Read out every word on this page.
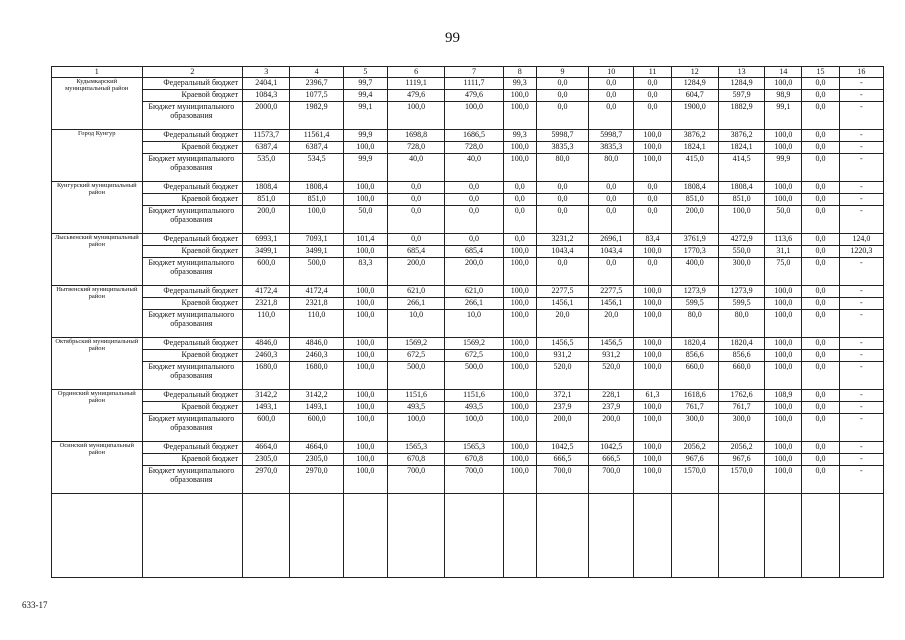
99
1	2	3	4	5	6	7	8	9	10	11	12	13	14	15	16
Кудымкарский муниципальный район	Федеральный бюджет	2404,1	2396,7	99,7	1119,1	1111,7	99,3	0,0	0,0	0,0	1284,9	1284,9	100,0	0,0	-
	Краевой бюджет	1084,3	1077,5	99,4	479,6	479,6	100,0	0,0	0,0	0,0	604,7	597,9	98,9	0,0	-
	Бюджет муниципального образования	2000,0	1982,9	99,1	100,0	100,0	100,0	0,0	0,0	0,0	1900,0	1882,9	99,1	0,0	-
Город Кунгур	Федеральный бюджет	11573,7	11561,4	99,9	1698,8	1686,5	99,3	5998,7	5998,7	100,0	3876,2	3876,2	100,0	0,0	-
	Краевой бюджет	6387,4	6387,4	100,0	728,0	728,0	100,0	3835,3	3835,3	100,0	1824,1	1824,1	100,0	0,0	-
	Бюджет муниципального образования	535,0	534,5	99,9	40,0	40,0	100,0	80,0	80,0	100,0	415,0	414,5	99,9	0,0	-
Кунгурский муниципальный район	Федеральный бюджет	1808,4	1808,4	100,0	0,0	0,0	0,0	0,0	0,0	0,0	1808,4	1808,4	100,0	0,0	-
	Краевой бюджет	851,0	851,0	100,0	0,0	0,0	0,0	0,0	0,0	0,0	851,0	851,0	100,0	0,0	-
	Бюджет муниципального образования	200,0	100,0	50,0	0,0	0,0	0,0	0,0	0,0	0,0	200,0	100,0	50,0	0,0	-
Лысьвенский муниципальный район	Федеральный бюджет	6993,1	7093,1	101,4	0,0	0,0	0,0	3231,2	2696,1	83,4	3761,9	4272,9	113,6	0,0	124,0
	Краевой бюджет	3499,1	3499,1	100,0	685,4	685,4	100,0	1043,4	1043,4	100,0	1770,3	550,0	31,1	0,0	1220,3
	Бюджет муниципального образования	600,0	500,0	83,3	200,0	200,0	100,0	0,0	0,0	0,0	400,0	300,0	75,0	0,0	-
Нытвенский муниципальный район	Федеральный бюджет	4172,4	4172,4	100,0	621,0	621,0	100,0	2277,5	2277,5	100,0	1273,9	1273,9	100,0	0,0	-
	Краевой бюджет	2321,8	2321,8	100,0	266,1	266,1	100,0	1456,1	1456,1	100,0	599,5	599,5	100,0	0,0	-
	Бюджет муниципального образования	110,0	110,0	100,0	10,0	10,0	100,0	20,0	20,0	100,0	80,0	80,0	100,0	0,0	-
Октябрьский муниципальный район	Федеральный бюджет	4846,0	4846,0	100,0	1569,2	1569,2	100,0	1456,5	1456,5	100,0	1820,4	1820,4	100,0	0,0	-
	Краевой бюджет	2460,3	2460,3	100,0	672,5	672,5	100,0	931,2	931,2	100,0	856,6	856,6	100,0	0,0	-
	Бюджет муниципального образования	1680,0	1680,0	100,0	500,0	500,0	100,0	520,0	520,0	100,0	660,0	660,0	100,0	0,0	-
Ординский муниципальный район	Федеральный бюджет	3142,2	3142,2	100,0	1151,6	1151,6	100,0	372,1	228,1	61,3	1618,6	1762,6	108,9	0,0	-
	Краевой бюджет	1493,1	1493,1	100,0	493,5	493,5	100,0	237,9	237,9	100,0	761,7	761,7	100,0	0,0	-
	Бюджет муниципального образования	600,0	600,0	100,0	100,0	100,0	100,0	200,0	200,0	100,0	300,0	300,0	100,0	0,0	-
Осинский муниципальный район	Федеральный бюджет	4664,0	4664,0	100,0	1565,3	1565,3	100,0	1042,5	1042,5	100,0	2056,2	2056,2	100,0	0,0	-
	Краевой бюджет	2305,0	2305,0	100,0	670,8	670,8	100,0	666,5	666,5	100,0	967,6	967,6	100,0	0,0	-
	Бюджет муниципального образования	2970,0	2970,0	100,0	700,0	700,0	100,0	700,0	700,0	100,0	1570,0	1570,0	100,0	0,0	-

633-17
